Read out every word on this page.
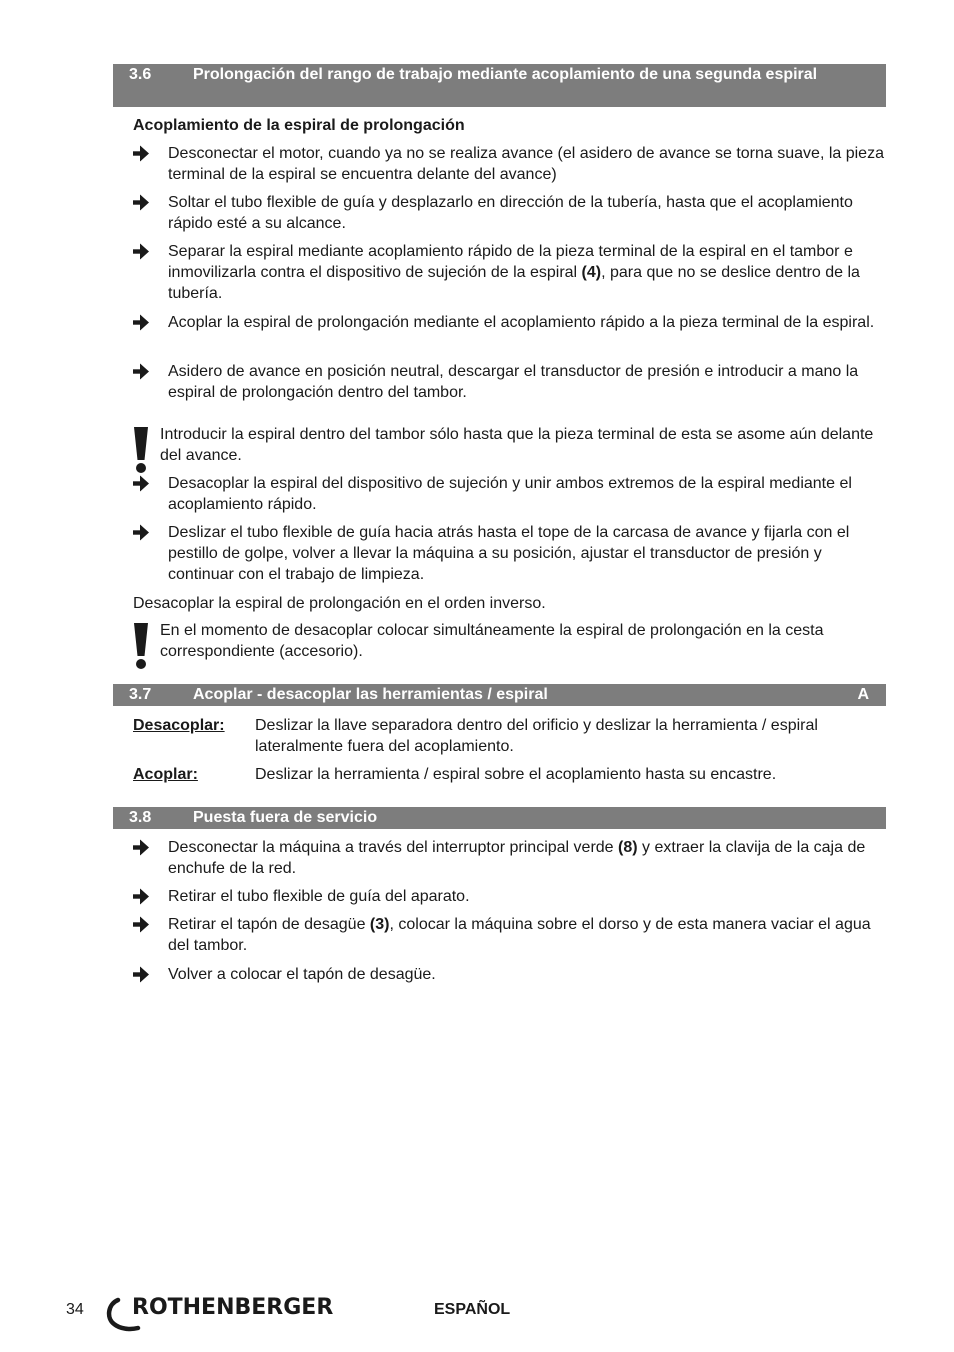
3.6	Prolongación del rango de trabajo mediante acoplamiento de una segunda espiral
Acoplamiento de la espiral de prolongación
Desconectar el motor, cuando ya no se realiza avance (el asidero de avance se torna suave, la pieza terminal de la espiral se encuentra delante del avance)
Soltar el tubo flexible de guía y desplazarlo en dirección de la tubería, hasta que el acoplamiento rápido esté a su alcance.
Separar la espiral mediante acoplamiento rápido de la pieza terminal de la espiral en el tambor e inmovilizarla contra el dispositivo de sujeción de la espiral (4), para que no se deslice dentro de la tubería.
Acoplar la espiral de prolongación mediante el acoplamiento rápido a la pieza terminal de la espiral.
Asidero de avance en posición neutral, descargar el transductor de presión e introducir a mano la espiral de prolongación dentro del tambor.
Introducir la espiral dentro del tambor sólo hasta que la pieza terminal de esta se asome aún delante del avance.
Desacoplar la espiral del dispositivo de sujeción y unir ambos extremos de la espiral mediante el acoplamiento rápido.
Deslizar el tubo flexible de guía hacia atrás hasta el tope de la carcasa de avance y fijarla con el pestillo de golpe, volver a llevar la máquina a su posición, ajustar el transductor de presión y continuar con el trabajo de limpieza.
Desacoplar la espiral de prolongación en el orden inverso.
En el momento de desacoplar colocar simultáneamente la espiral de prolongación en la cesta correspondiente (accesorio).
3.7	Acoplar - desacoplar las herramientas / espiral	A
Desacoplar: Deslizar la llave separadora dentro del orificio y deslizar la herramienta / espiral lateralmente fuera del acoplamiento.
Acoplar:	Deslizar la herramienta / espiral sobre el acoplamiento hasta su encastre.
3.8	Puesta fuera de servicio
Desconectar la máquina a través del interruptor principal verde (8) y extraer la clavija de la caja de enchufe de la red.
Retirar el tubo flexible de guía del aparato.
Retirar el tapón de desagüe (3), colocar la máquina sobre el dorso y de esta manera vaciar el agua del tambor.
Volver a colocar el tapón de desagüe.
34 ROTHENBERGER	ESPAÑOL
